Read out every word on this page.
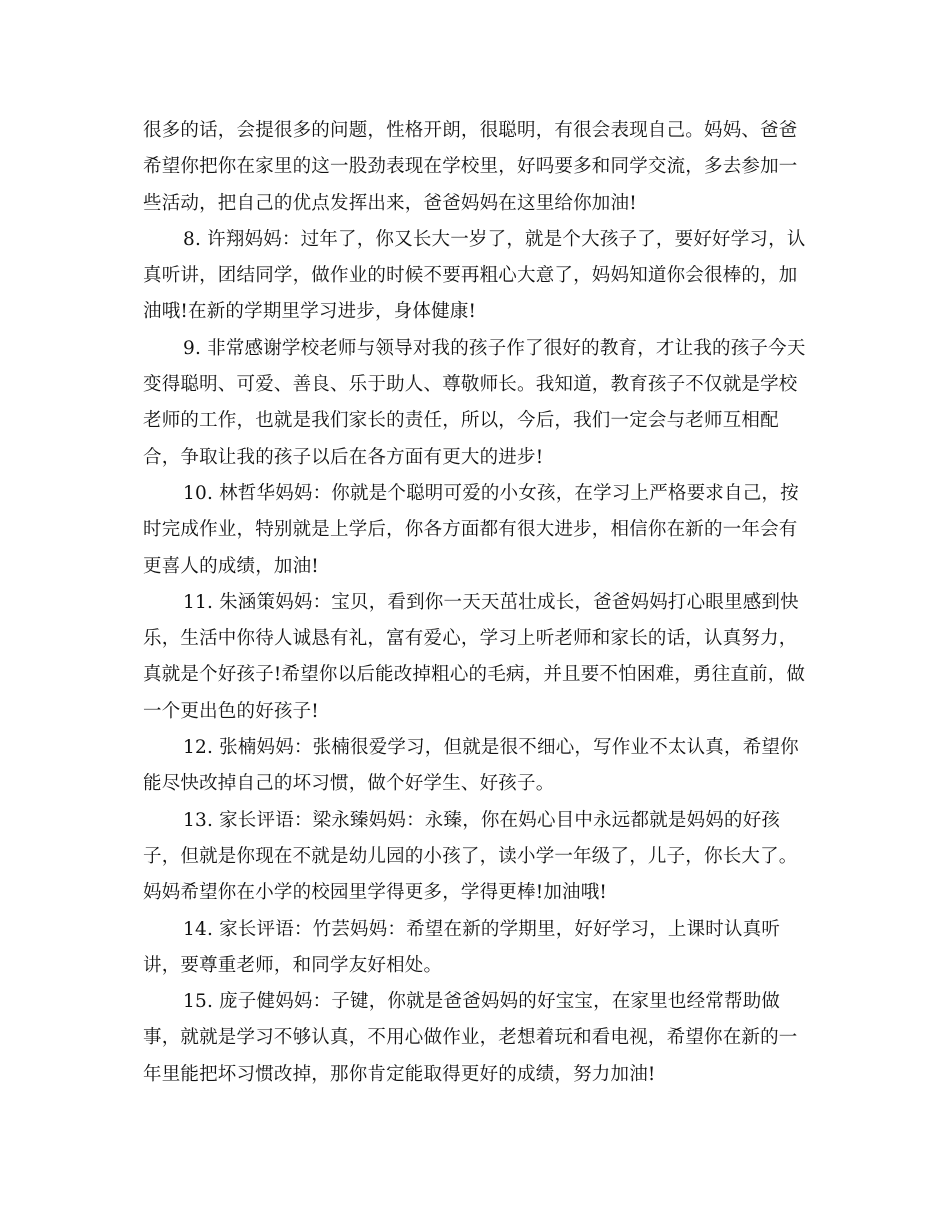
很多的话，会提很多的问题，性格开朗，很聪明，有很会表现自己。妈妈、爸爸
希望你把你在家里的这一股劲表现在学校里，好吗要多和同学交流，多去参加一
些活动，把自己的优点发挥出来，爸爸妈妈在这里给你加油!
8. 许翔妈妈：过年了，你又长大一岁了，就是个大孩子了，要好好学习，认
真听讲，团结同学，做作业的时候不要再粗心大意了，妈妈知道你会很棒的，加
油哦!在新的学期里学习进步，身体健康!
9. 非常感谢学校老师与领导对我的孩子作了很好的教育，才让我的孩子今天
变得聪明、可爱、善良、乐于助人、尊敬师长。我知道，教育孩子不仅就是学校
老师的工作，也就是我们家长的责任，所以，今后，我们一定会与老师互相配
合，争取让我的孩子以后在各方面有更大的进步!
10. 林哲华妈妈：你就是个聪明可爱的小女孩，在学习上严格要求自己，按
时完成作业，特别就是上学后，你各方面都有很大进步，相信你在新的一年会有
更喜人的成绩，加油!
11. 朱涵策妈妈：宝贝，看到你一天天茁壮成长，爸爸妈妈打心眼里感到快
乐，生活中你待人诚恳有礼，富有爱心，学习上听老师和家长的话，认真努力，
真就是个好孩子!希望你以后能改掉粗心的毛病，并且要不怕困难，勇往直前，做
一个更出色的好孩子!
12. 张楠妈妈：张楠很爱学习，但就是很不细心，写作业不太认真，希望你
能尽快改掉自己的坏习惯，做个好学生、好孩子。
13. 家长评语：梁永臻妈妈：永臻，你在妈心目中永远都就是妈妈的好孩
子，但就是你现在不就是幼儿园的小孩了，读小学一年级了，儿子，你长大了。
妈妈希望你在小学的校园里学得更多，学得更棒!加油哦!
14. 家长评语：竹芸妈妈：希望在新的学期里，好好学习，上课时认真听
讲，要尊重老师，和同学友好相处。
15. 庞子健妈妈：子键，你就是爸爸妈妈的好宝宝，在家里也经常帮助做
事，就就是学习不够认真，不用心做作业，老想着玩和看电视，希望你在新的一
年里能把坏习惯改掉，那你肯定能取得更好的成绩，努力加油!
